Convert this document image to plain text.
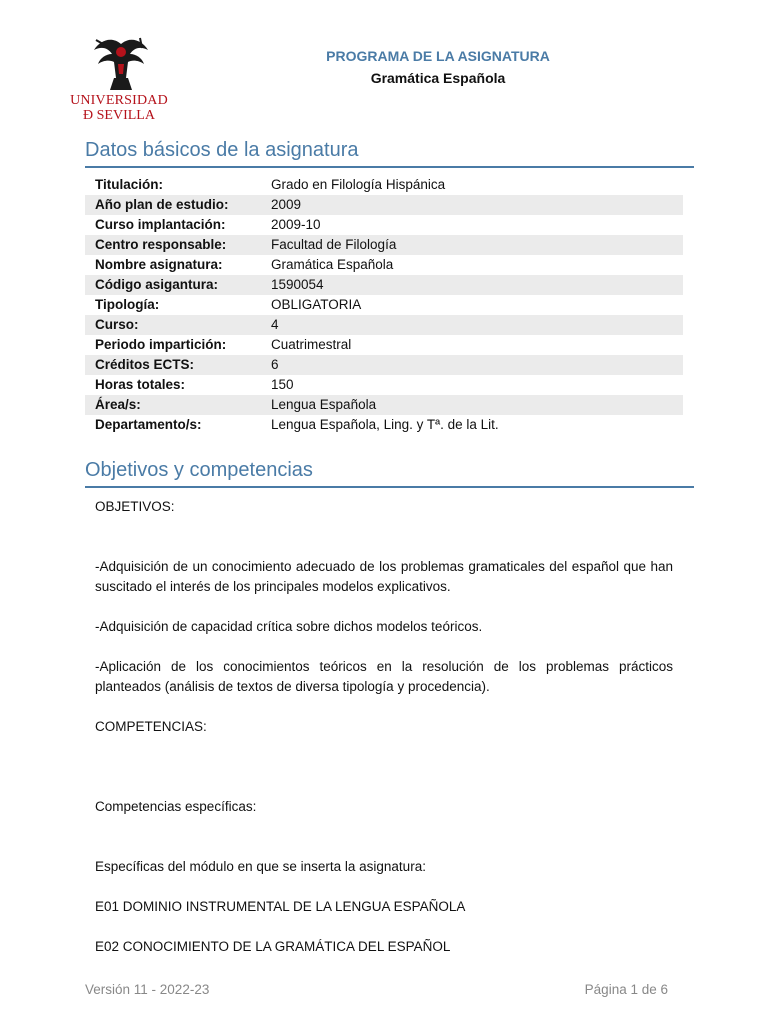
UNIVERSIDAD
Ð SEVILLA
PROGRAMA DE LA ASIGNATURA
Gramática Española
Datos básicos de la asignatura
Titulación:	Grado en Filología Hispánica
Año plan de estudio:	2009
Curso implantación:	2009-10
Centro responsable:	Facultad de Filología
Nombre asignatura:	Gramática Española
Código asigantura:	1590054
Tipología:	OBLIGATORIA
Curso:	4
Periodo impartición:	Cuatrimestral
Créditos ECTS:	6
Horas totales:	150
Área/s:	Lengua Española
Departamento/s:	Lengua Española, Ling. y Tª. de la Lit.
Objetivos y competencias
OBJETIVOS:
-Adquisición de un conocimiento adecuado de los problemas gramaticales del español que han suscitado el interés de los principales modelos explicativos.
-Adquisición de capacidad crítica sobre dichos modelos teóricos.
-Aplicación de los conocimientos teóricos en la resolución de los problemas prácticos planteados (análisis de textos de diversa tipología y procedencia).
COMPETENCIAS:
Competencias específicas:
Específicas del módulo en que se inserta la asignatura:
E01 DOMINIO INSTRUMENTAL DE LA LENGUA ESPAÑOLA
E02 CONOCIMIENTO DE LA GRAMÁTICA DEL ESPAÑOL
Versión 11 - 2022-23	Página 1 de 6
